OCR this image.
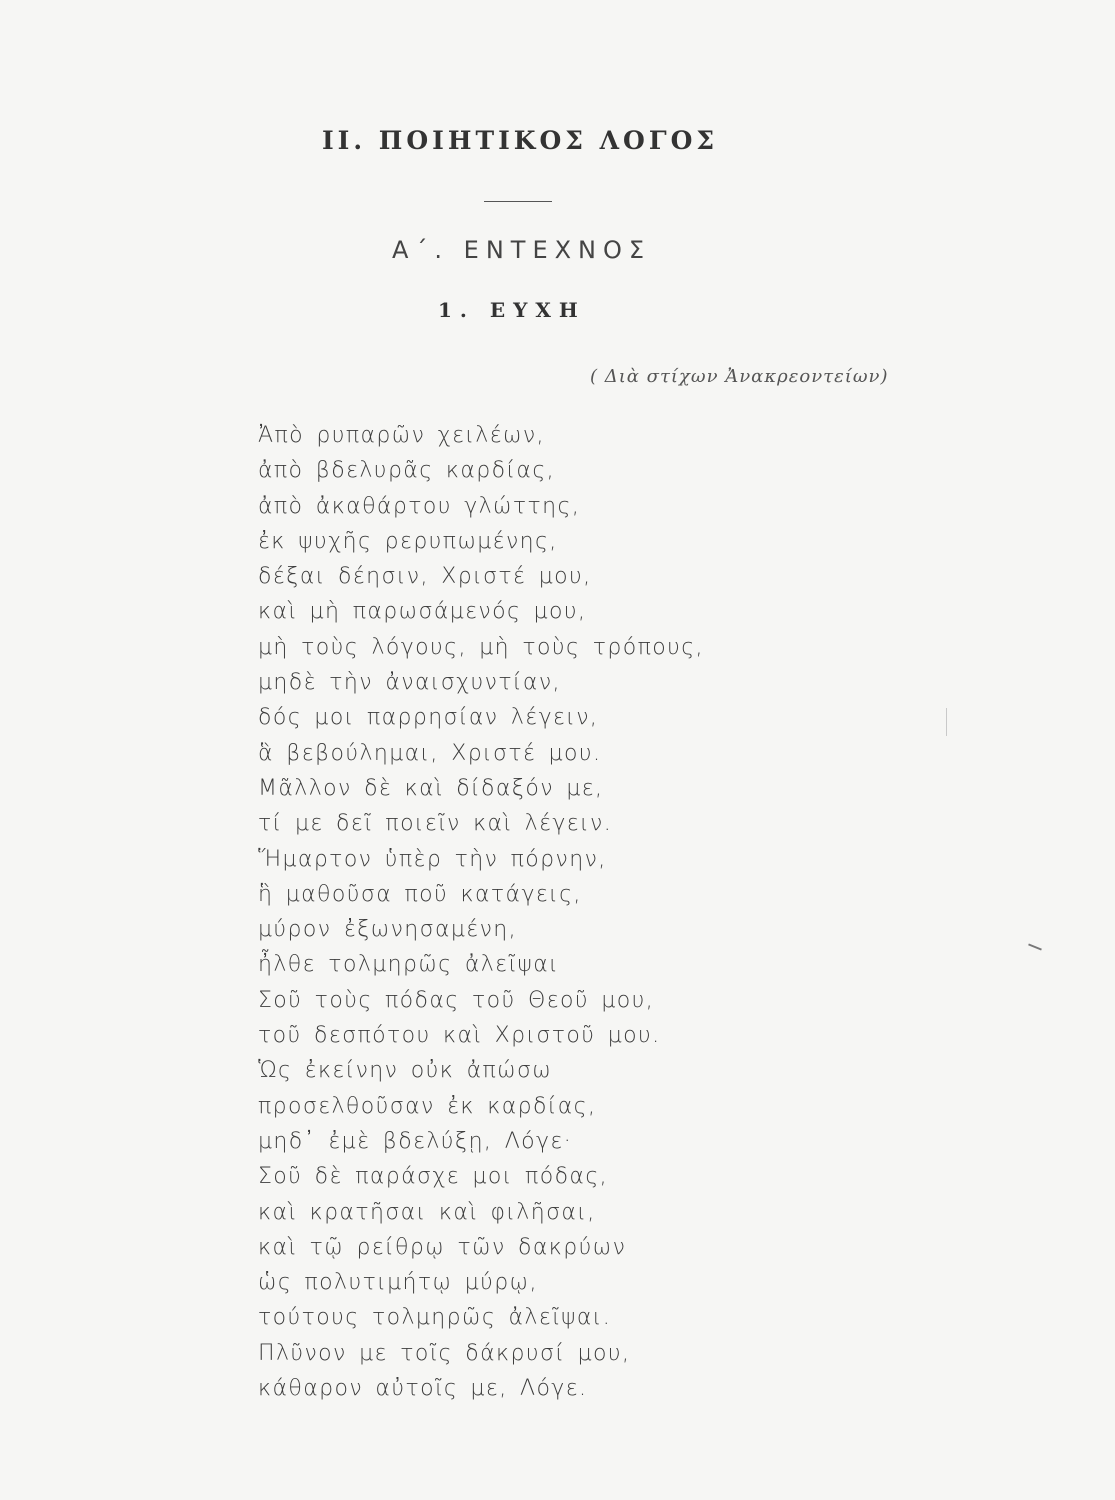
II. ΠΟΙΗΤΙΚΟΣ ΛΟΓΟΣ
Α΄. ΕΝΤΕΧΝΟΣ
1. ΕΥΧΗ
( Διὰ στίχων Ἀνακρεοντείων)
Ἀπὸ ρυπαρῶν χειλέων,
ἀπὸ βδελυρᾶς καρδίας,
ἀπὸ ἀκαθάρτου γλώττης,
ἐκ ψυχῆς ρερυπωμένης,
δέξαι δέησιν, Χριστέ μου,
καὶ μὴ παρωσάμενός μου,
μὴ τοὺς λόγους, μὴ τοὺς τρόπους,
μηδὲ τὴν ἀναισχυντίαν,
δός μοι παρρησίαν λέγειν,
ἃ βεβούλημαι, Χριστέ μου.
Μᾶλλον δὲ καὶ δίδαξόν με,
τί με δεῖ ποιεῖν καὶ λέγειν.
Ἥμαρτον ὑπὲρ τὴν πόρνην,
ἣ μαθοῦσα ποῦ κατάγεις,
μύρον ἐξωνησαμένη,
ἦλθε τολμηρῶς ἀλεῖψαι
Σοῦ τοὺς πόδας τοῦ Θεοῦ μου,
τοῦ δεσπότου καὶ Χριστοῦ μου.
Ὡς ἐκείνην οὐκ ἀπώσω
προσελθοῦσαν ἐκ καρδίας,
μηδ᾽ ἐμὲ βδελύξῃ, Λόγε·
Σοῦ δὲ παράσχε μοι πόδας,
καὶ κρατῆσαι καὶ φιλῆσαι,
καὶ τῷ ρείθρῳ τῶν δακρύων
ὡς πολυτιμήτῳ μύρῳ,
τούτους τολμηρῶς ἀλεῖψαι.
Πλῦνον με τοῖς δάκρυσί μου,
κάθαρον αὐτοῖς με, Λόγε.
